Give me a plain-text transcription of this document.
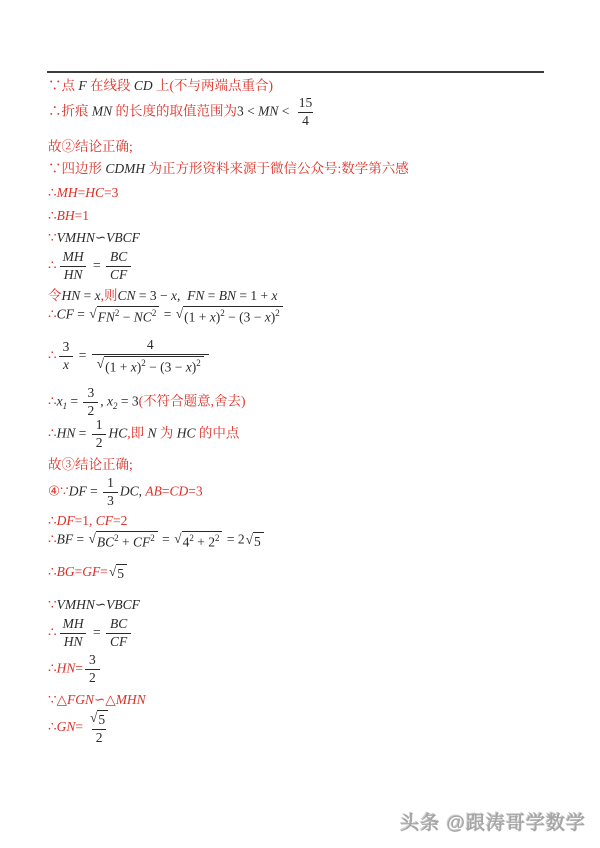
∵点 F 在线段 CD 上(不与两端点重合)
∴折痕 MN 的长度的取值范围为3 < MN < $\frac{15}{4}$
故②结论正确;
∵四边形 CDMH 为正方形资料来源于微信公众号:数学第六感
∴MH=HC=3
∴BH=1
∵VMHN∽VBCF
∴ $\frac{MH}{HN} = \frac{BC}{CF}$
令HN = x,则CN = 3 − x,  FN = BN = 1 + x
∴CF = √ $FN^2 - NC^2$ = √ $(1 + x)^2 - (3 - x)^2$
∴ $\frac{3}{x} = \frac{4}{√ (1 + x)^2 - (3 - x)^2}$
$\therefore x_1 = \frac{3}{2}$ , $x_2 = 3$(不符合题意,舍去)
∴HN = $\frac{1}{2}$ HC,即 N 为 HC 的中点
故③结论正确;
④∵DF = $\frac{1}{3}$ DC, AB=CD=3
∴DF=1, CF=2
∴BF = √ $BC^2 + CF^2$ = √ $4^2 + 2^2 = 2$ √ 5
∴BG=GF= √ 5
∵VMHN∽VBCF
∴ $\frac{MH}{HN} = \frac{BC}{CF}$
∴HN= $\frac{3}{2}$
∵△FGN∽△MHN
∴GN= $\frac{√ 5}{2}$
头条 @跟涛哥学数学
